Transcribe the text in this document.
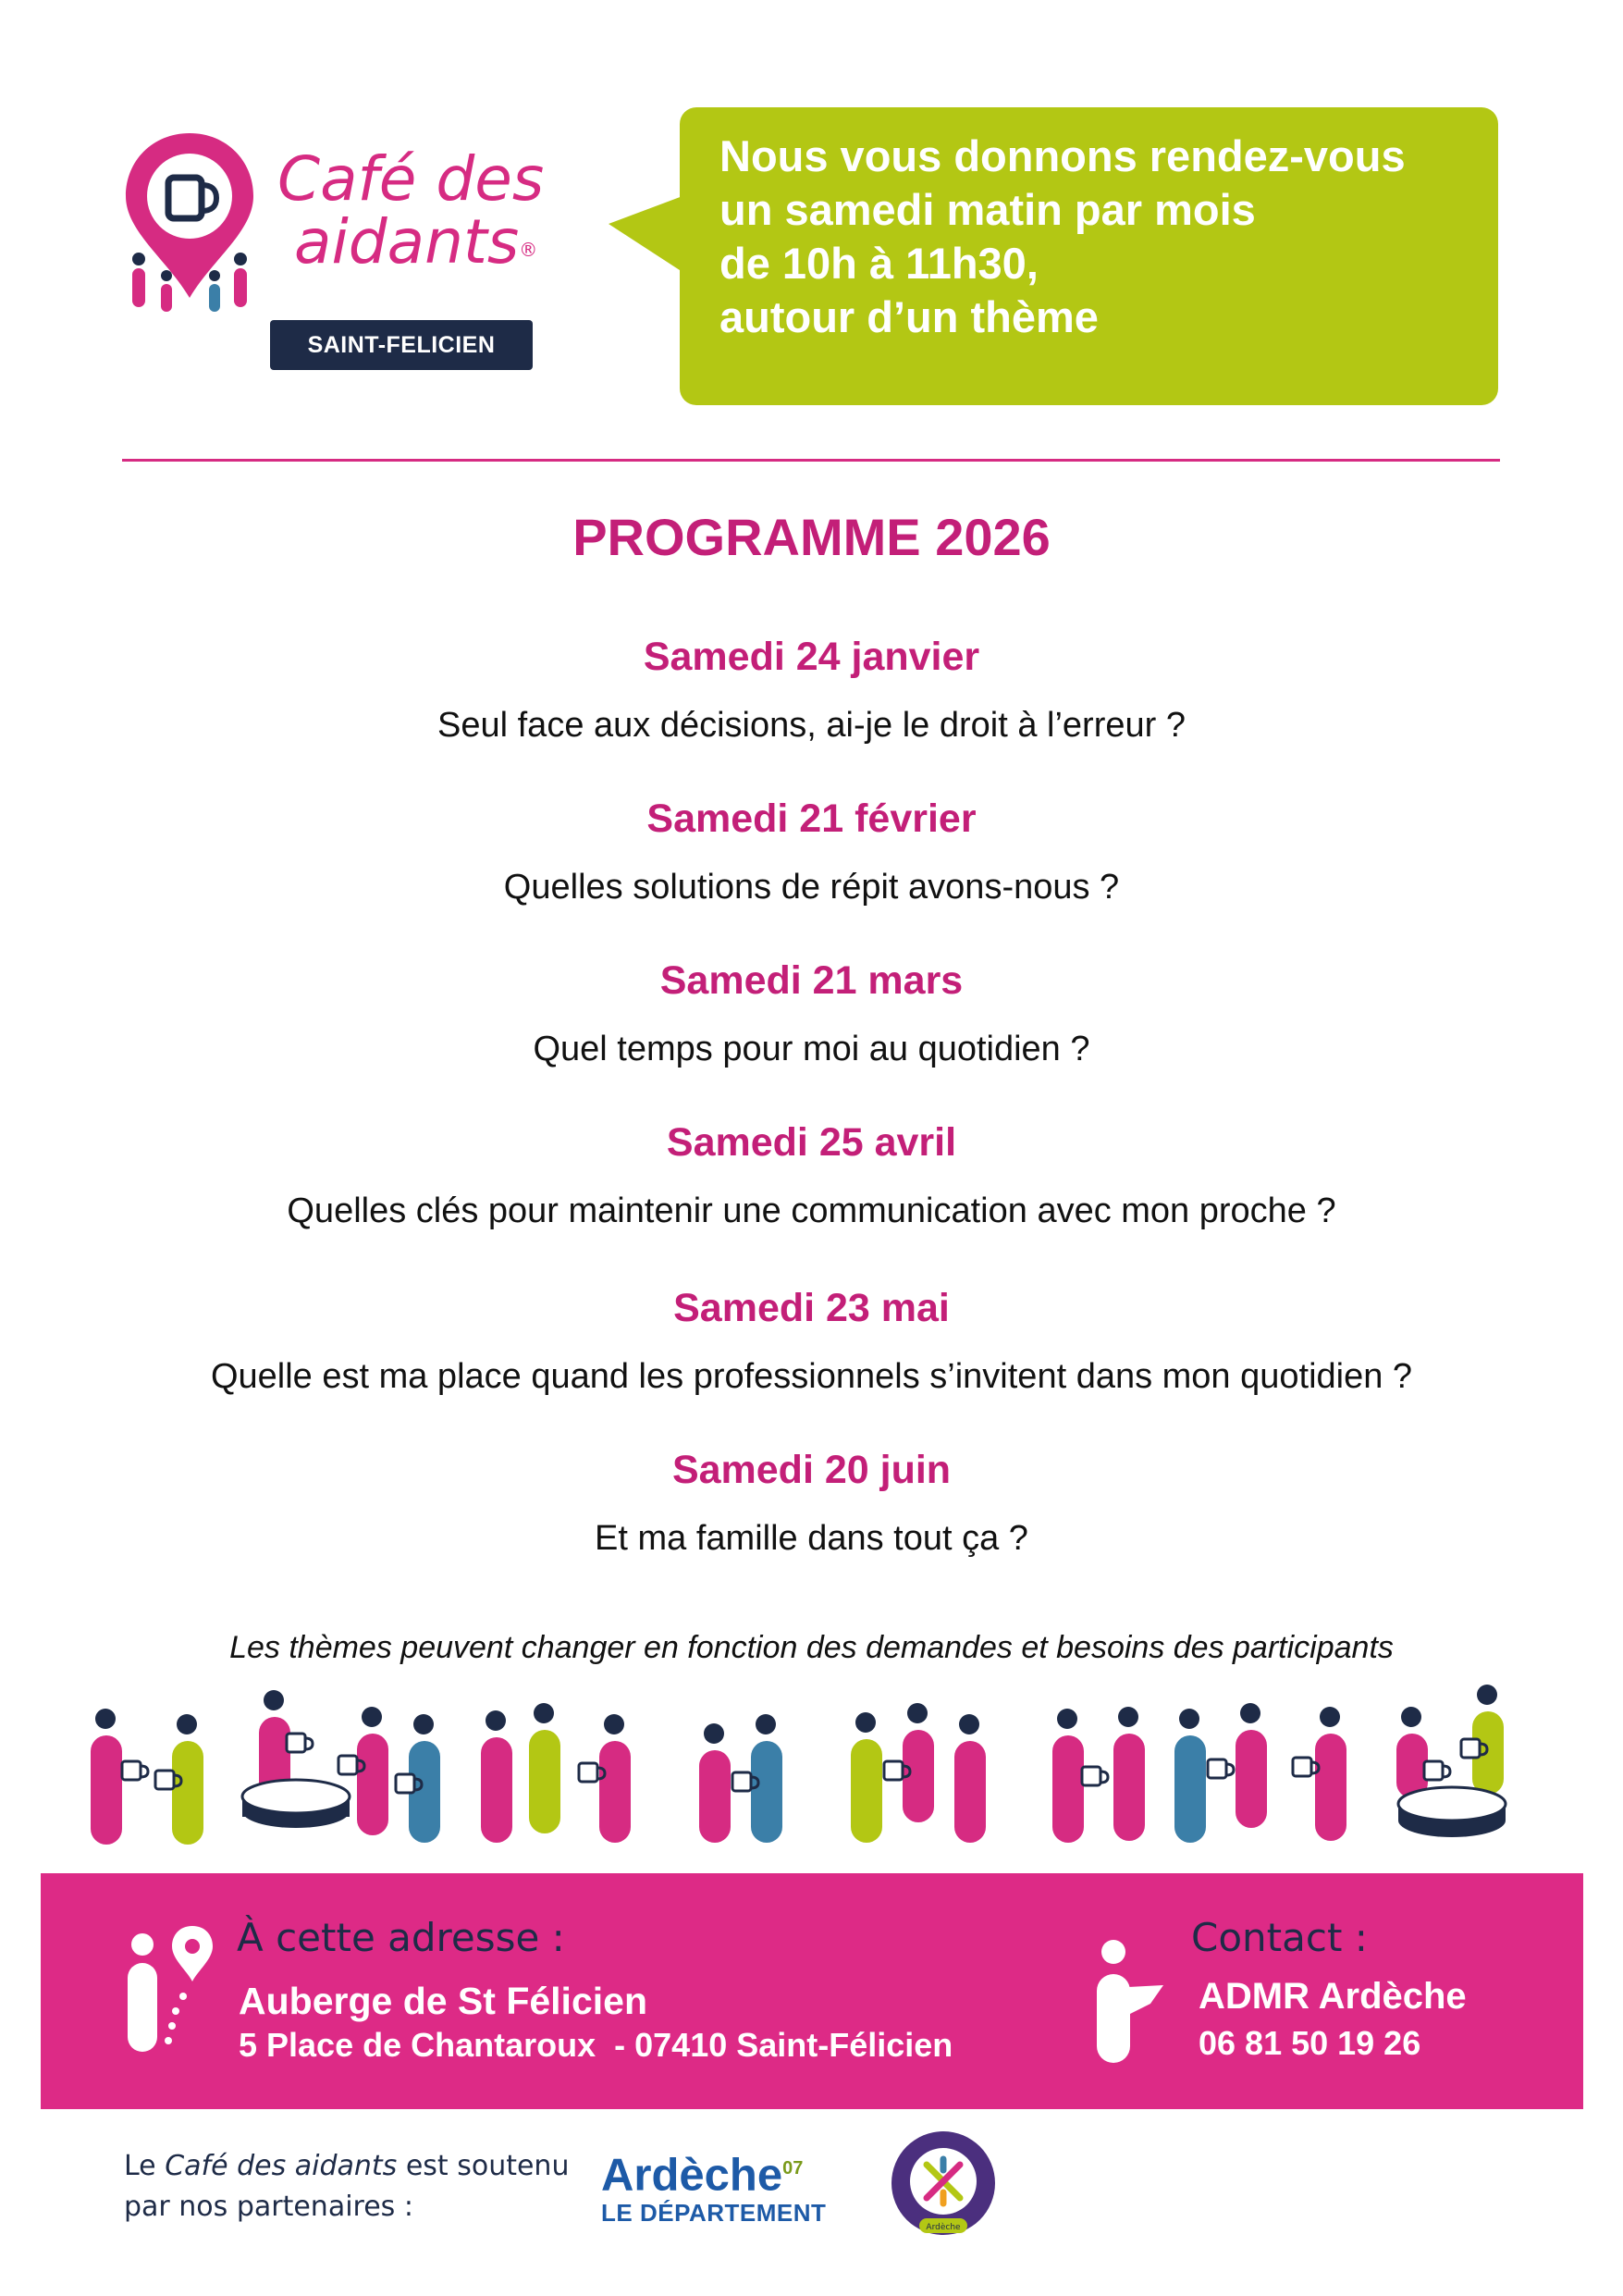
Café des
aidants®
SAINT-FELICIEN
Nous vous donnons rendez-vous
un samedi matin par mois
de 10h à 11h30,
autour d’un thème
PROGRAMME 2026
Samedi 24 janvier
Seul face aux décisions, ai-je le droit à l’erreur ?
Samedi 21 février
Quelles solutions de répit avons-nous ?
Samedi 21 mars
Quel temps pour moi au quotidien ?
Samedi 25 avril
Quelles clés pour maintenir une communication avec mon proche ?
Samedi 23 mai
Quelle est ma place quand les professionnels s’invitent dans mon quotidien ?
Samedi 20 juin
Et ma famille dans tout ça ?
Les thèmes peuvent changer en fonction des demandes et besoins des participants
À cette adresse :
Auberge de St Félicien
5 Place de Chantaroux  - 07410 Saint-Félicien
Contact :
ADMR Ardèche
06 81 50 19 26
Le Café des aidants est soutenu
par nos partenaires :
Ardèche$^{07}$
LE DÉPARTEMENT
Ardèche
